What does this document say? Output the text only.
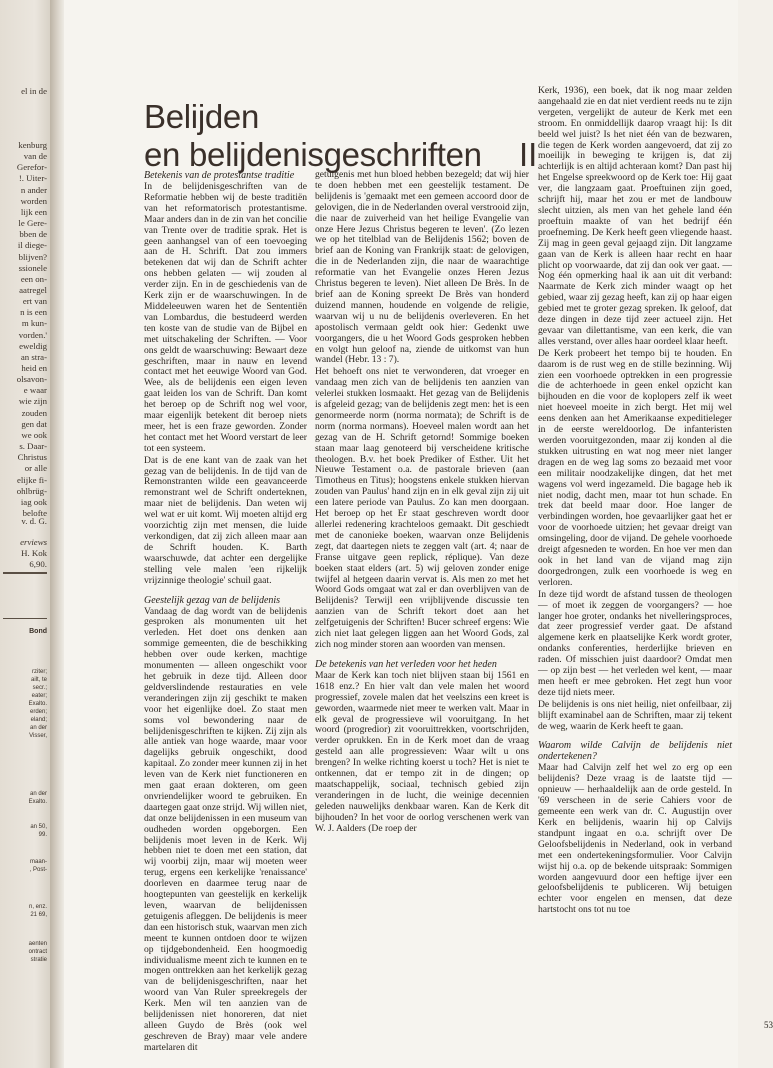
el in de
kenburg
van de
Gerefor-
!. Uiter-
n ander
worden
lijk een
le Gere-
bben de
il diege-
blijven?
ssionele
een on-
aatregel
ert van
n is een
m kun-
vorden.'
eweldig
an stra-
heid en
olsavon-
e waar
wie zijn
zouden
gen dat
we ook
s. Daar-
Christus
or alle
elijke fi-
ohlbrüg-
iag ook
belofte
v. d. G.
erviews
H. Kok
6,90.
Bond
rziter;
ailt, te
secr.;
eater;
Exalto.
erden;
eland;
an der
Visser,
an der
Exalto.
an 50,
99.
maan-
, Post-
n, enz.
21 69,
aenten
ontract
stratie
Belijden
en belijdenisgeschriften	II
Betekenis van de protestantse traditie

In de belijdenisgeschriften van de Reformatie hebben wij de beste traditiën van het reformatorisch protestantisme. Maar anders dan in de zin van het concilie van Trente over de traditie sprak. Het is geen aanhangsel van of een toevoeging aan de H. Schrift. Dat zou immers betekenen dat wij dan de Schrift achter ons hebben gelaten — wij zouden al verder zijn. En in de geschiedenis van de Kerk zijn er de waarschuwingen. In de Middeleeuwen waren het de Sententiën van Lombardus, die bestudeerd werden ten koste van de studie van de Bijbel en met uitschakeling der Schriften. — Voor ons geldt de waarschuwing: Bewaart deze geschriften, maar in nauw en levend contact met het eeuwige Woord van God. Wee, als de belijdenis een eigen leven gaat leiden los van de Schrift. Dan komt het beroep op de Schrift nog wel voor, maar eigenlijk betekent dit beroep niets meer, het is een fraze geworden. Zonder het contact met het Woord verstart de leer tot een systeem.

Dat is de ene kant van de zaak van het gezag van de belijdenis. In de tijd van de Remonstranten wilde een geavanceerde remonstrant wel de Schrift onderteknen, maar niet de belijdenis. Dan weten wij wel wat er uit komt. Wij moeten altijd erg voorzichtig zijn met mensen, die luide verkondigen, dat zij zich alleen maar aan de Schrift houden. K. Barth waarschuwde, dat achter een dergelijke stelling vele malen 'een rijkelijk vrijzinnige theologie' schuil gaat.

Geestelijk gezag van de belijdenis

Vandaag de dag wordt van de belijdenis gesproken als monumenten uit het verleden. Het doet ons denken aan sommige gemeenten, die de beschikking hebben over oude kerken, machtige monumenten — alleen ongeschikt voor het gebruik in deze tijd. Alleen door geldverslindende restauraties en vele veranderingen zijn zij geschikt te maken voor het eigenlijke doel. Zo staat men soms vol bewondering naar de belijdenisgeschriften te kijken. Zij zijn als alle antiek van hoge waarde, maar voor dagelijks gebruik ongeschikt, dood kapitaal. Zo zonder meer kunnen zij in het leven van de Kerk niet functioneren en men gaat eraan dokteren, om geen onvriendelijker woord te gebruiken. En daartegen gaat onze strijd. Wij willen niet, dat onze belijdenissen in een museum van oudheden worden opgeborgen. Een belijdenis moet leven in de Kerk. Wij hebben niet te doen met een station, dat wij voorbij zijn, maar wij moeten weer terug, ergens een kerkelijke 'renaissance' doorleven en daarmee terug naar de hoogtepunten van geestelijk en kerkelijk leven, waarvan de belijdenissen getuigenis afleggen. De belijdenis is meer dan een historisch stuk, waarvan men zich meent te kunnen ontdoen door te wijzen op tijdgebondenheid. Een hoogmoedig individualisme meent zich te kunnen en te mogen onttrekken aan het kerkelijk gezag van de belijdenisgeschriften, naar het woord van Van Ruler spreekregels der Kerk. Men wil ten aanzien van de belijdenissen niet honoreren, dat niet alleen Guydo de Brès (ook wel geschreven de Bray) maar vele andere martelaren dit

getuigenis met hun bloed hebben bezegeld; dat wij hier te doen hebben met een geestelijk testament. De belijdenis is 'gemaakt met een gemeen accoord door de gelovigen, die in de Nederlanden overal verstrooid zijn, die naar de zuiverheid van het heilige Evangelie van onze Here Jezus Christus begeren te leven'. (Zo lezen we op het titelblad van de Belijdenis 1562; boven de brief aan de Koning van Frankrijk staat: de gelovigen, die in de Nederlanden zijn, die naar de waarachtige reformatie van het Evangelie onzes Heren Jezus Christus begeren te leven). Niet alleen De Brès. In de brief aan de Koning spreekt De Brès van honderd duizend mannen, houdende en volgende de religie, waarvan wij u nu de belijdenis overleveren. En het apostolisch vermaan geldt ook hier: Gedenkt uwe voorgangers, die u het Woord Gods gesproken hebben en volgt hun geloof na, ziende de uitkomst van hun wandel (Hebr. 13 : 7).

Het behoeft ons niet te verwonderen, dat vroeger en vandaag men zich van de belijdenis ten aanzien van velerlei stukken losmaakt. Het gezag van de Belijdenis is afgeleid gezag; van de belijdenis zegt men: het is een genormeerde norm (norma normata); de Schrift is de norm (norma normans). Hoeveel malen wordt aan het gezag van de H. Schrift getornd! Sommige boeken staan maar laag genoteerd bij verscheidene kritische theologen. B.v. het boek Prediker of Esther. Uit het Nieuwe Testament o.a. de pastorale brieven (aan Timotheus en Titus); hoogstens enkele stukken hiervan zouden van Paulus' hand zijn en in elk geval zijn zij uit een latere periode van Paulus. Zo kan men doorgaan. Het beroep op het Er staat geschreven wordt door allerlei redenering krachteloos gemaakt. Dit geschiedt met de canonieke boeken, waarvan onze Belijdenis zegt, dat daartegen niets te zeggen valt (art. 4; naar de Franse uitgave geen replick, réplique). Van deze boeken staat elders (art. 5) wij geloven zonder enige twijfel al hetgeen daarin vervat is. Als men zo met het Woord Gods omgaat wat zal er dan overblijven van de Belijdenis? Terwijl een vrijblijvende discussie ten aanzien van de Schrift tekort doet aan het zelfgetuigenis der Schriften! Bucer schreef ergens: Wie zich niet laat gelegen liggen aan het Woord Gods, zal zich nog minder storen aan woorden van mensen.

De betekenis van het verleden voor het heden

Maar de Kerk kan toch niet blijven staan bij 1561 en 1618 enz.? En hier valt dan vele malen het woord progressief, zovele malen dat het veelszins een kreet is geworden, waarmede niet meer te werken valt. Maar in elk geval de progressieve wil vooruitgang. In het woord (progredior) zit vooruittrekken, voortschrijden, verder oprukken. En in de Kerk moet dan de vraag gesteld aan alle progressieven: Waar wilt u ons brengen? In welke richting koerst u toch? Het is niet te ontkennen, dat er tempo zit in de dingen; op maatschappelijk, sociaal, technisch gebied zijn veranderingen in de lucht, die weinige decennien geleden nauwelijks denkbaar waren. Kan de Kerk dit bijhouden? In het voor de oorlog verschenen werk van W. J. Aalders (De roep der

Kerk, 1936), een boek, dat ik nog maar zelden aangehaald zie en dat niet verdient reeds nu te zijn vergeten, vergelijkt de auteur de Kerk met een stroom. En onmiddellijk daarop vraagt hij: Is dit beeld wel juist? Is het niet één van de bezwaren, die tegen de Kerk worden aangevoerd, dat zij zo moeilijk in beweging te krijgen is, dat zij achterlijk is en altijd achteraan komt? Dan past hij het Engelse spreekwoord op de Kerk toe: Hij gaat ver, die langzaam gaat. Proeftuinen zijn goed, schrijft hij, maar het zou er met de landbouw slecht uitzien, als men van het gehele land één proeftuin maakte of van het bedrijf één proefneming. De Kerk heeft geen vliegende haast. Zij mag in geen geval gejaagd zijn. Dit langzame gaan van de Kerk is alleen haar recht en haar plicht op voorwaarde, dat zij dan ook ver gaat. — Nog één opmerking haal ik aan uit dit verband: Naarmate de Kerk zich minder waagt op het gebied, waar zij gezag heeft, kan zij op haar eigen gebied met te groter gezag spreken. Ik geloof, dat deze dingen in deze tijd zeer actueel zijn. Het gevaar van dilettantisme, van een kerk, die van alles verstand, over alles haar oordeel klaar heeft.

De Kerk probeert het tempo bij te houden. En daarom is de rust weg en de stille bezinning. Wij zien een voorhoede optrekken in een progressie die de achterhoede in geen enkel opzicht kan bijhouden en die voor de koplopers zelf ik weet niet hoeveel moeite in zich bergt. Het mij wel eens denken aan het Amerikaanse expeditieleger in de eerste wereldoorlog. De infanteristen werden vooruitgezonden, maar zij konden al die stukken uitrusting en wat nog meer niet langer dragen en de weg lag soms zo bezaaid met voor een militair noodzakelijke dingen, dat het met wagens vol werd ingezameld. Die bagage heb ik niet nodig, dacht men, maar tot hun schade. En trek dat beeld maar door. Hoe langer de verbindingen worden, hoe gevaarlijker gaat het er voor de voorhoede uitzien; het gevaar dreigt van omsingeling, door de vijand. De gehele voorhoede dreigt afgesneden te worden. En hoe ver men dan ook in het land van de vijand mag zijn doorgedrongen, zulk een voorhoede is weg en verloren.

In deze tijd wordt de afstand tussen de theologen — of moet ik zeggen de voorgangers? — hoe langer hoe groter, ondanks het nivelleringsproces, dat zeer progressief verder gaat. De afstand algemene kerk en plaatselijke Kerk wordt groter, ondanks conferenties, herderlijke brieven en raden. Of misschien juist daardoor? Omdat men — op zijn best — het verleden wel kent, — maar men heeft er mee gebroken. Het zegt hun voor deze tijd niets meer.

De belijdenis is ons niet heilig, niet onfeilbaar, zij blijft examinabel aan de Schriften, maar zij tekent de weg, waarin de Kerk heeft te gaan.

Waarom wilde Calvijn de belijdenis niet ondertekenen?

Maar had Calvijn zelf het wel zo erg op een belijdenis? Deze vraag is de laatste tijd — opnieuw — herhaaldelijk aan de orde gesteld. In '69 verscheen in de serie Cahiers voor de gemeente een werk van dr. C. Augustijn over Kerk en belijdenis, waarin hij op Calvijs standpunt ingaat en o.a. schrijft over De Geloofsbelijdenis in Nederland, ook in verband met een ondertekeningsformulier. Voor Calvijn wijst hij o.a. op de bekende uitspraak: Sommigen worden aangevuurd door een heftige ijver een geloofsbelijdenis te publiceren. Wij betuigen echter voor engelen en mensen, dat deze hartstocht ons tot nu toe

53
